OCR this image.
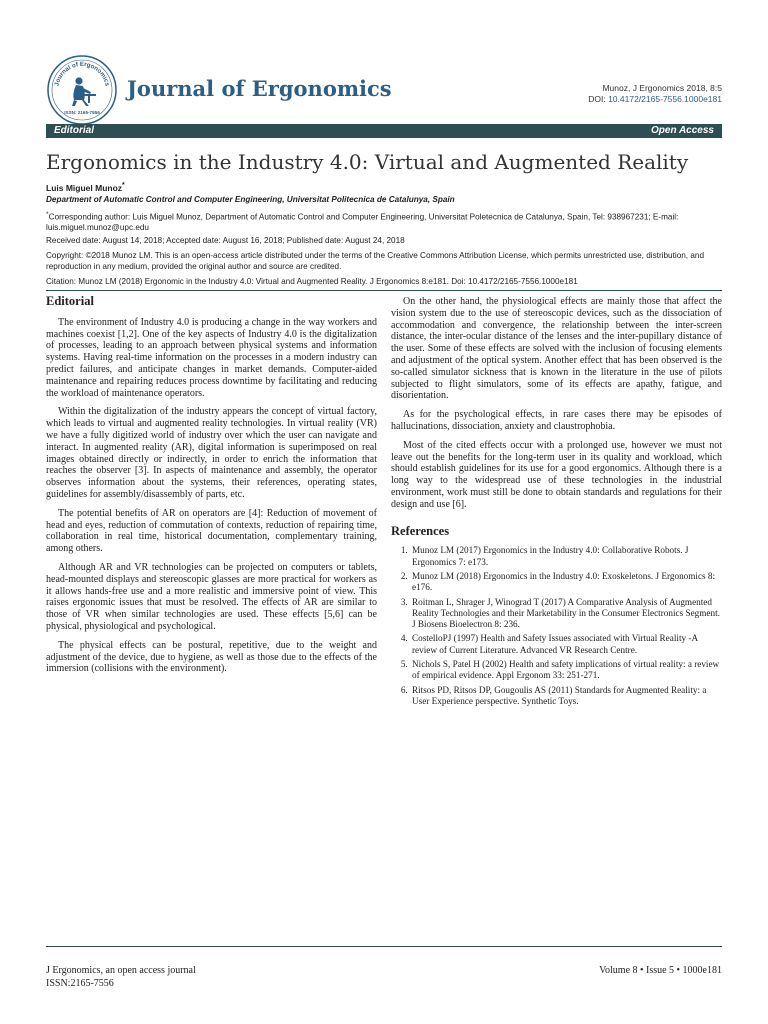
Journal of Ergonomics
ISSN: 2165-7556
Journal of Ergonomics	Munoz, J Ergonomics 2018, 8:5
DOI: 10.4172/2165-7556.1000e181
Editorial	Open Access
Ergonomics in the Industry 4.0: Virtual and Augmented Reality
Luis Miguel Munoz*
Department of Automatic Control and Computer Engineering, Universitat Politecnica de Catalunya, Spain
*Corresponding author: Luis Miguel Munoz, Department of Automatic Control and Computer Engineering, Universitat Poletecnica de Catalunya, Spain, Tel: 938967231; E-mail: luis.miguel.munoz@upc.edu
Received date: August 14, 2018; Accepted date: August 16, 2018; Published date: August 24, 2018
Copyright: ©2018 Munoz LM. This is an open-access article distributed under the terms of the Creative Commons Attribution License, which permits unrestricted use, distribution, and reproduction in any medium, provided the original author and source are credited.
Citation: Munoz LM (2018) Ergonomic in the Industry 4.0: Virtual and Augmented Reality. J Ergonomics 8:e181. Doi: 10.4172/2165-7556.1000e181
Editorial

The environment of Industry 4.0 is producing a change in the way workers and machines coexist [1,2]. One of the key aspects of Industry 4.0 is the digitalization of processes, leading to an approach between physical systems and information systems. Having real-time information on the processes in a modern industry can predict failures, and anticipate changes in market demands. Computer-aided maintenance and repairing reduces process downtime by facilitating and reducing the workload of maintenance operators.

Within the digitalization of the industry appears the concept of virtual factory, which leads to virtual and augmented reality technologies. In virtual reality (VR) we have a fully digitized world of industry over which the user can navigate and interact. In augmented reality (AR), digital information is superimposed on real images obtained directly or indirectly, in order to enrich the information that reaches the observer [3]. In aspects of maintenance and assembly, the operator observes information about the systems, their references, operating states, guidelines for assembly/disassembly of parts, etc.

The potential benefits of AR on operators are [4]: Reduction of movement of head and eyes, reduction of commutation of contexts, reduction of repairing time, collaboration in real time, historical documentation, complementary training, among others.

Although AR and VR technologies can be projected on computers or tablets, head-mounted displays and stereoscopic glasses are more practical for workers as it allows hands-free use and a more realistic and immersive point of view. This raises ergonomic issues that must be resolved. The effects of AR are similar to those of VR when similar technologies are used. These effects [5,6] can be physical, physiological and psychological.

The physical effects can be postural, repetitive, due to the weight and adjustment of the device, due to hygiene, as well as those due to the effects of the immersion (collisions with the environment).

On the other hand, the physiological effects are mainly those that affect the vision system due to the use of stereoscopic devices, such as the dissociation of accommodation and convergence, the relationship between the inter-screen distance, the inter-ocular distance of the lenses and the inter-pupillary distance of the user. Some of these effects are solved with the inclusion of focusing elements and adjustment of the optical system. Another effect that has been observed is the so-called simulator sickness that is known in the literature in the use of pilots subjected to flight simulators, some of its effects are apathy, fatigue, and disorientation.

As for the psychological effects, in rare cases there may be episodes of hallucinations, dissociation, anxiety and claustrophobia.

Most of the cited effects occur with a prolonged use, however we must not leave out the benefits for the long-term user in its quality and workload, which should establish guidelines for its use for a good ergonomics. Although there is a long way to the widespread use of these technologies in the industrial environment, work must still be done to obtain standards and regulations for their design and use [6].

References
1. Munoz LM (2017) Ergonomics in the Industry 4.0: Collaborative Robots. J Ergonomics 7: e173.
2. Munoz LM (2018) Ergonomics in the Industry 4.0: Exoskeletons. J Ergonomics 8: e176.
3. Roitman L, Shrager J, Winograd T (2017) A Comparative Analysis of Augmented Reality Technologies and their Marketability in the Consumer Electronics Segment. J Biosens Bioelectron 8: 236.
4. CostelloPJ (1997) Health and Safety Issues associated with Virtual Reality -A review of Current Literature. Advanced VR Research Centre.
5. Nichols S, Patel H (2002) Health and safety implications of virtual reality: a review of empirical evidence. Appl Ergonom 33: 251-271.
6. Ritsos PD, Ritsos DP, Gougoulis AS (2011) Standards for Augmented Reality: a User Experience perspective. Synthetic Toys.
J Ergonomics, an open access journal
ISSN:2165-7556
Volume 8 • Issue 5 • 1000e181
